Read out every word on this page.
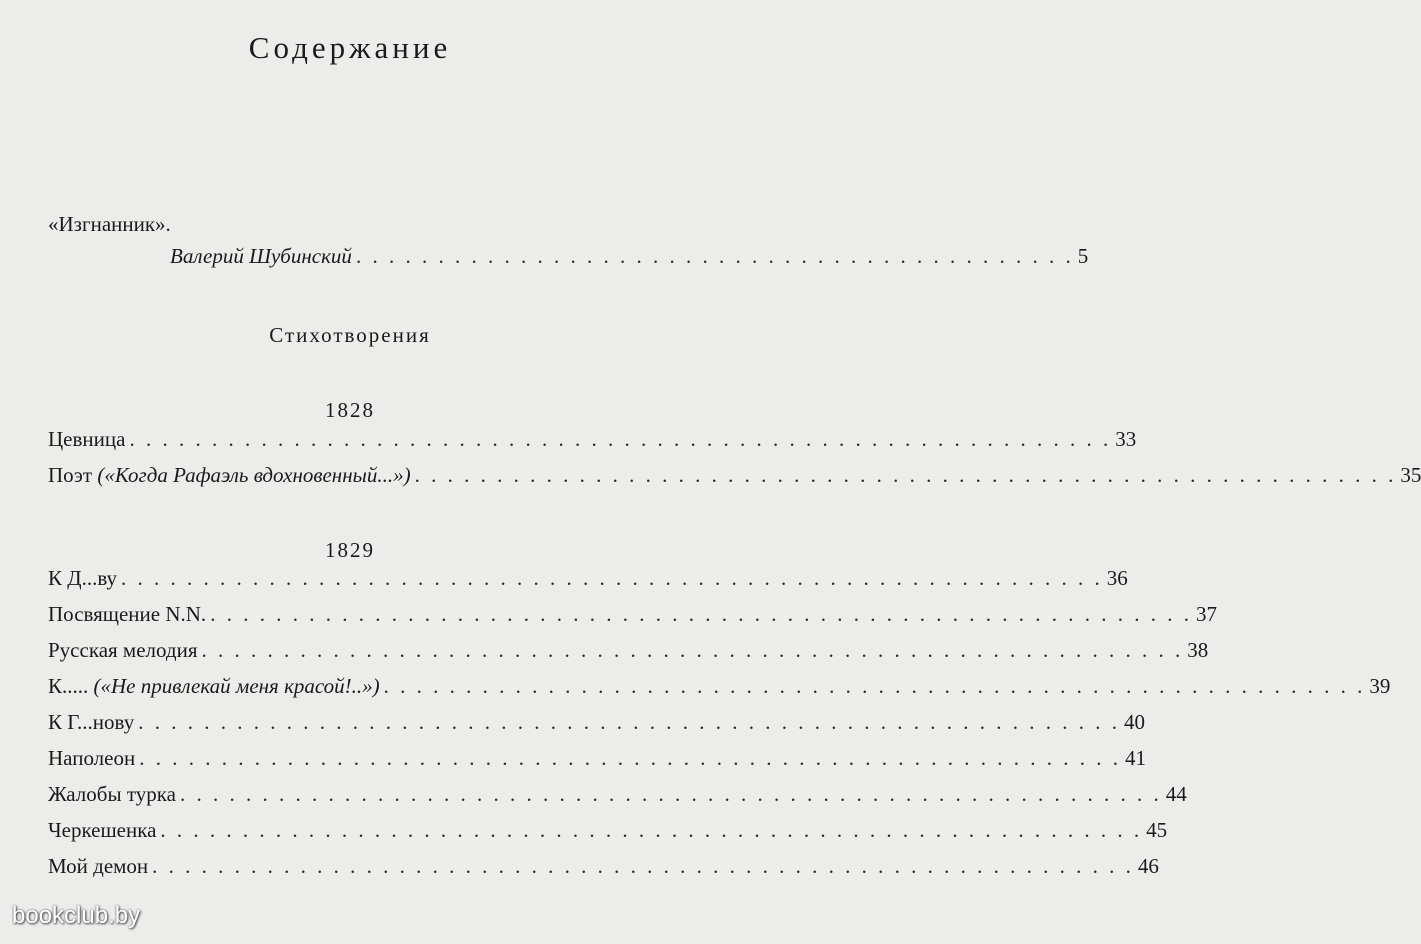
Содержание
«Изгнанник».
Валерий Шубинский . . . . . . . . . . . . . . . . . . . . . . . . . . . . . . . . . . . . . . . . . . . . 5
Стихотворения
1828
Цевница . . . . . . . . . . . . . . . . . . . . . . . . . . . . . . . . . . . . . . . . . . . . . . . . . . . . . . . . . . . . 33
Поэт («Когда Рафаэль вдохновенный...») . . . . . . . . . . . . . . . . . . . . . . . . . . . . . . . . . . . . . . . . . . . . . . . . . . . . . . . . . . . . 35
1829
К Д...ву . . . . . . . . . . . . . . . . . . . . . . . . . . . . . . . . . . . . . . . . . . . . . . . . . . . . . . . . . . . . 36
Посвящение N.N. . . . . . . . . . . . . . . . . . . . . . . . . . . . . . . . . . . . . . . . . . . . . . . . . . . . . . . . . . . . . 37
Русская мелодия . . . . . . . . . . . . . . . . . . . . . . . . . . . . . . . . . . . . . . . . . . . . . . . . . . . . . . . . . . . . 38
К..... («Не привлекай меня красой!..») . . . . . . . . . . . . . . . . . . . . . . . . . . . . . . . . . . . . . . . . . . . . . . . . . . . . . . . . . . . . 39
К Г...нову . . . . . . . . . . . . . . . . . . . . . . . . . . . . . . . . . . . . . . . . . . . . . . . . . . . . . . . . . . . . 40
Наполеон . . . . . . . . . . . . . . . . . . . . . . . . . . . . . . . . . . . . . . . . . . . . . . . . . . . . . . . . . . . . 41
Жалобы турка . . . . . . . . . . . . . . . . . . . . . . . . . . . . . . . . . . . . . . . . . . . . . . . . . . . . . . . . . . . . 44
Черкешенка . . . . . . . . . . . . . . . . . . . . . . . . . . . . . . . . . . . . . . . . . . . . . . . . . . . . . . . . . . . . 45
Мой демон . . . . . . . . . . . . . . . . . . . . . . . . . . . . . . . . . . . . . . . . . . . . . . . . . . . . . . . . . . . . 46
bookclub.by
